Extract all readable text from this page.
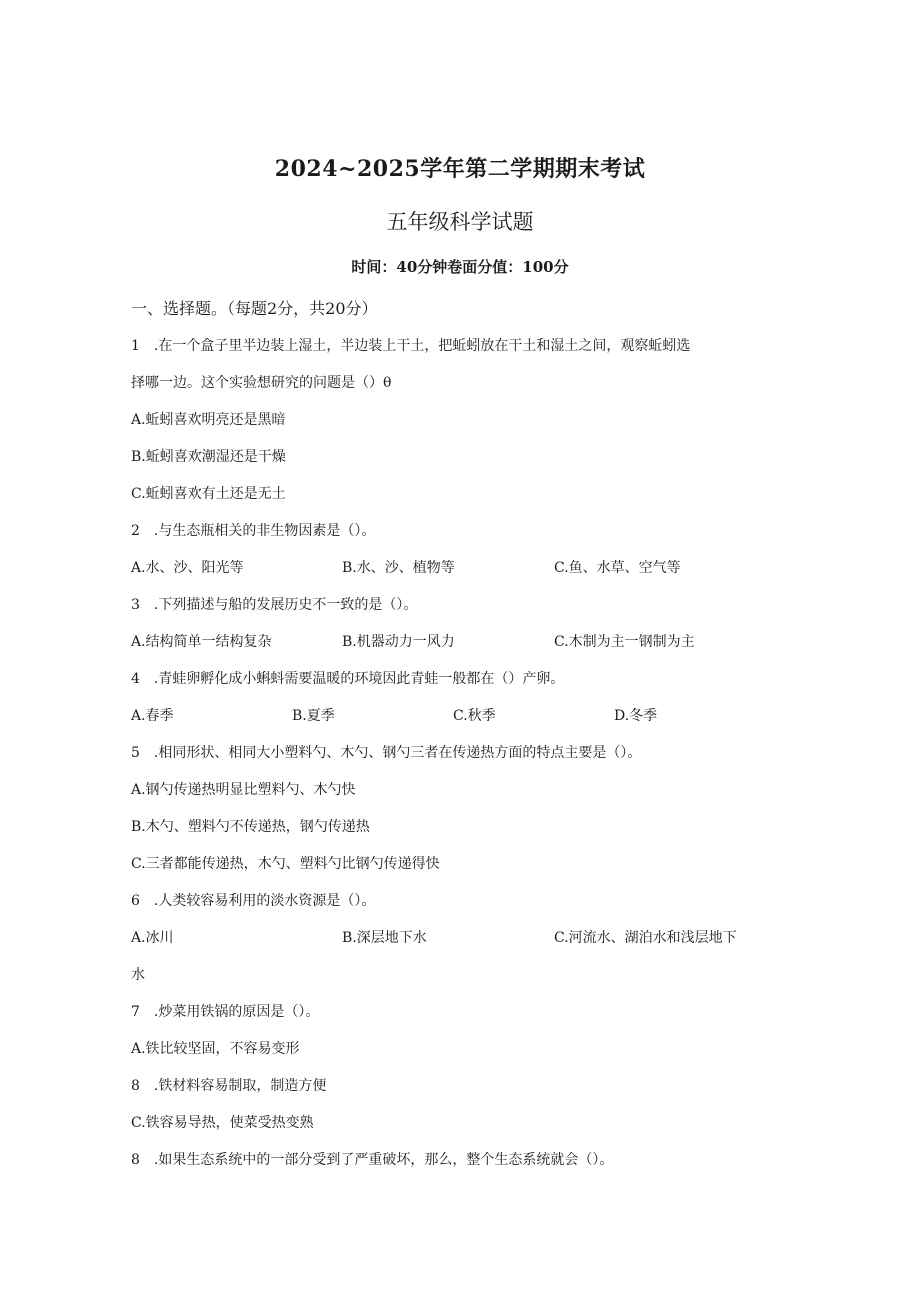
2024~2025学年第二学期期末考试
五年级科学试题
时间：40分钟卷面分值：100分
一、选择题。（每题2分，共20分）
1　.在一个盒子里半边装上湿土，半边装上干土，把蚯蚓放在干土和湿土之间，观察蚯蚓选
择哪一边。这个实验想研究的问题是（）θ
A.蚯蚓喜欢明亮还是黑暗
B.蚯蚓喜欢潮湿还是干燥
C.蚯蚓喜欢有土还是无土
2　.与生态瓶相关的非生物因素是（）。
A.水、沙、阳光等	B.水、沙、植物等	C.鱼、水草、空气等
3　.下列描述与船的发展历史不一致的是（）。
A.结构简单一结构复杂	B.机器动力一风力	C.木制为主一钢制为主
4　.青蛙卵孵化成小蝌蚪需要温暖的环境因此青蛙一般都在（）产卵。
A.春季	B.夏季	C.秋季	D.冬季
5　.相同形状、相同大小塑料勺、木勺、钢勺三者在传递热方面的特点主要是（）。
A.钢勺传递热明显比塑料勺、木勺快
B.木勺、塑料勺不传递热，钢勺传递热
C.三者都能传递热，木勺、塑料勺比钢勺传递得快
6　.人类较容易利用的淡水资源是（）。
A.冰川	B.深层地下水	C.河流水、湖泊水和浅层地下
水
7　.炒菜用铁锅的原因是（）。
A.铁比较坚固，不容易变形
8　.铁材料容易制取，制造方便
C.铁容易导热，使菜受热变熟
8　.如果生态系统中的一部分受到了严重破坏，那么，整个生态系统就会（）。
